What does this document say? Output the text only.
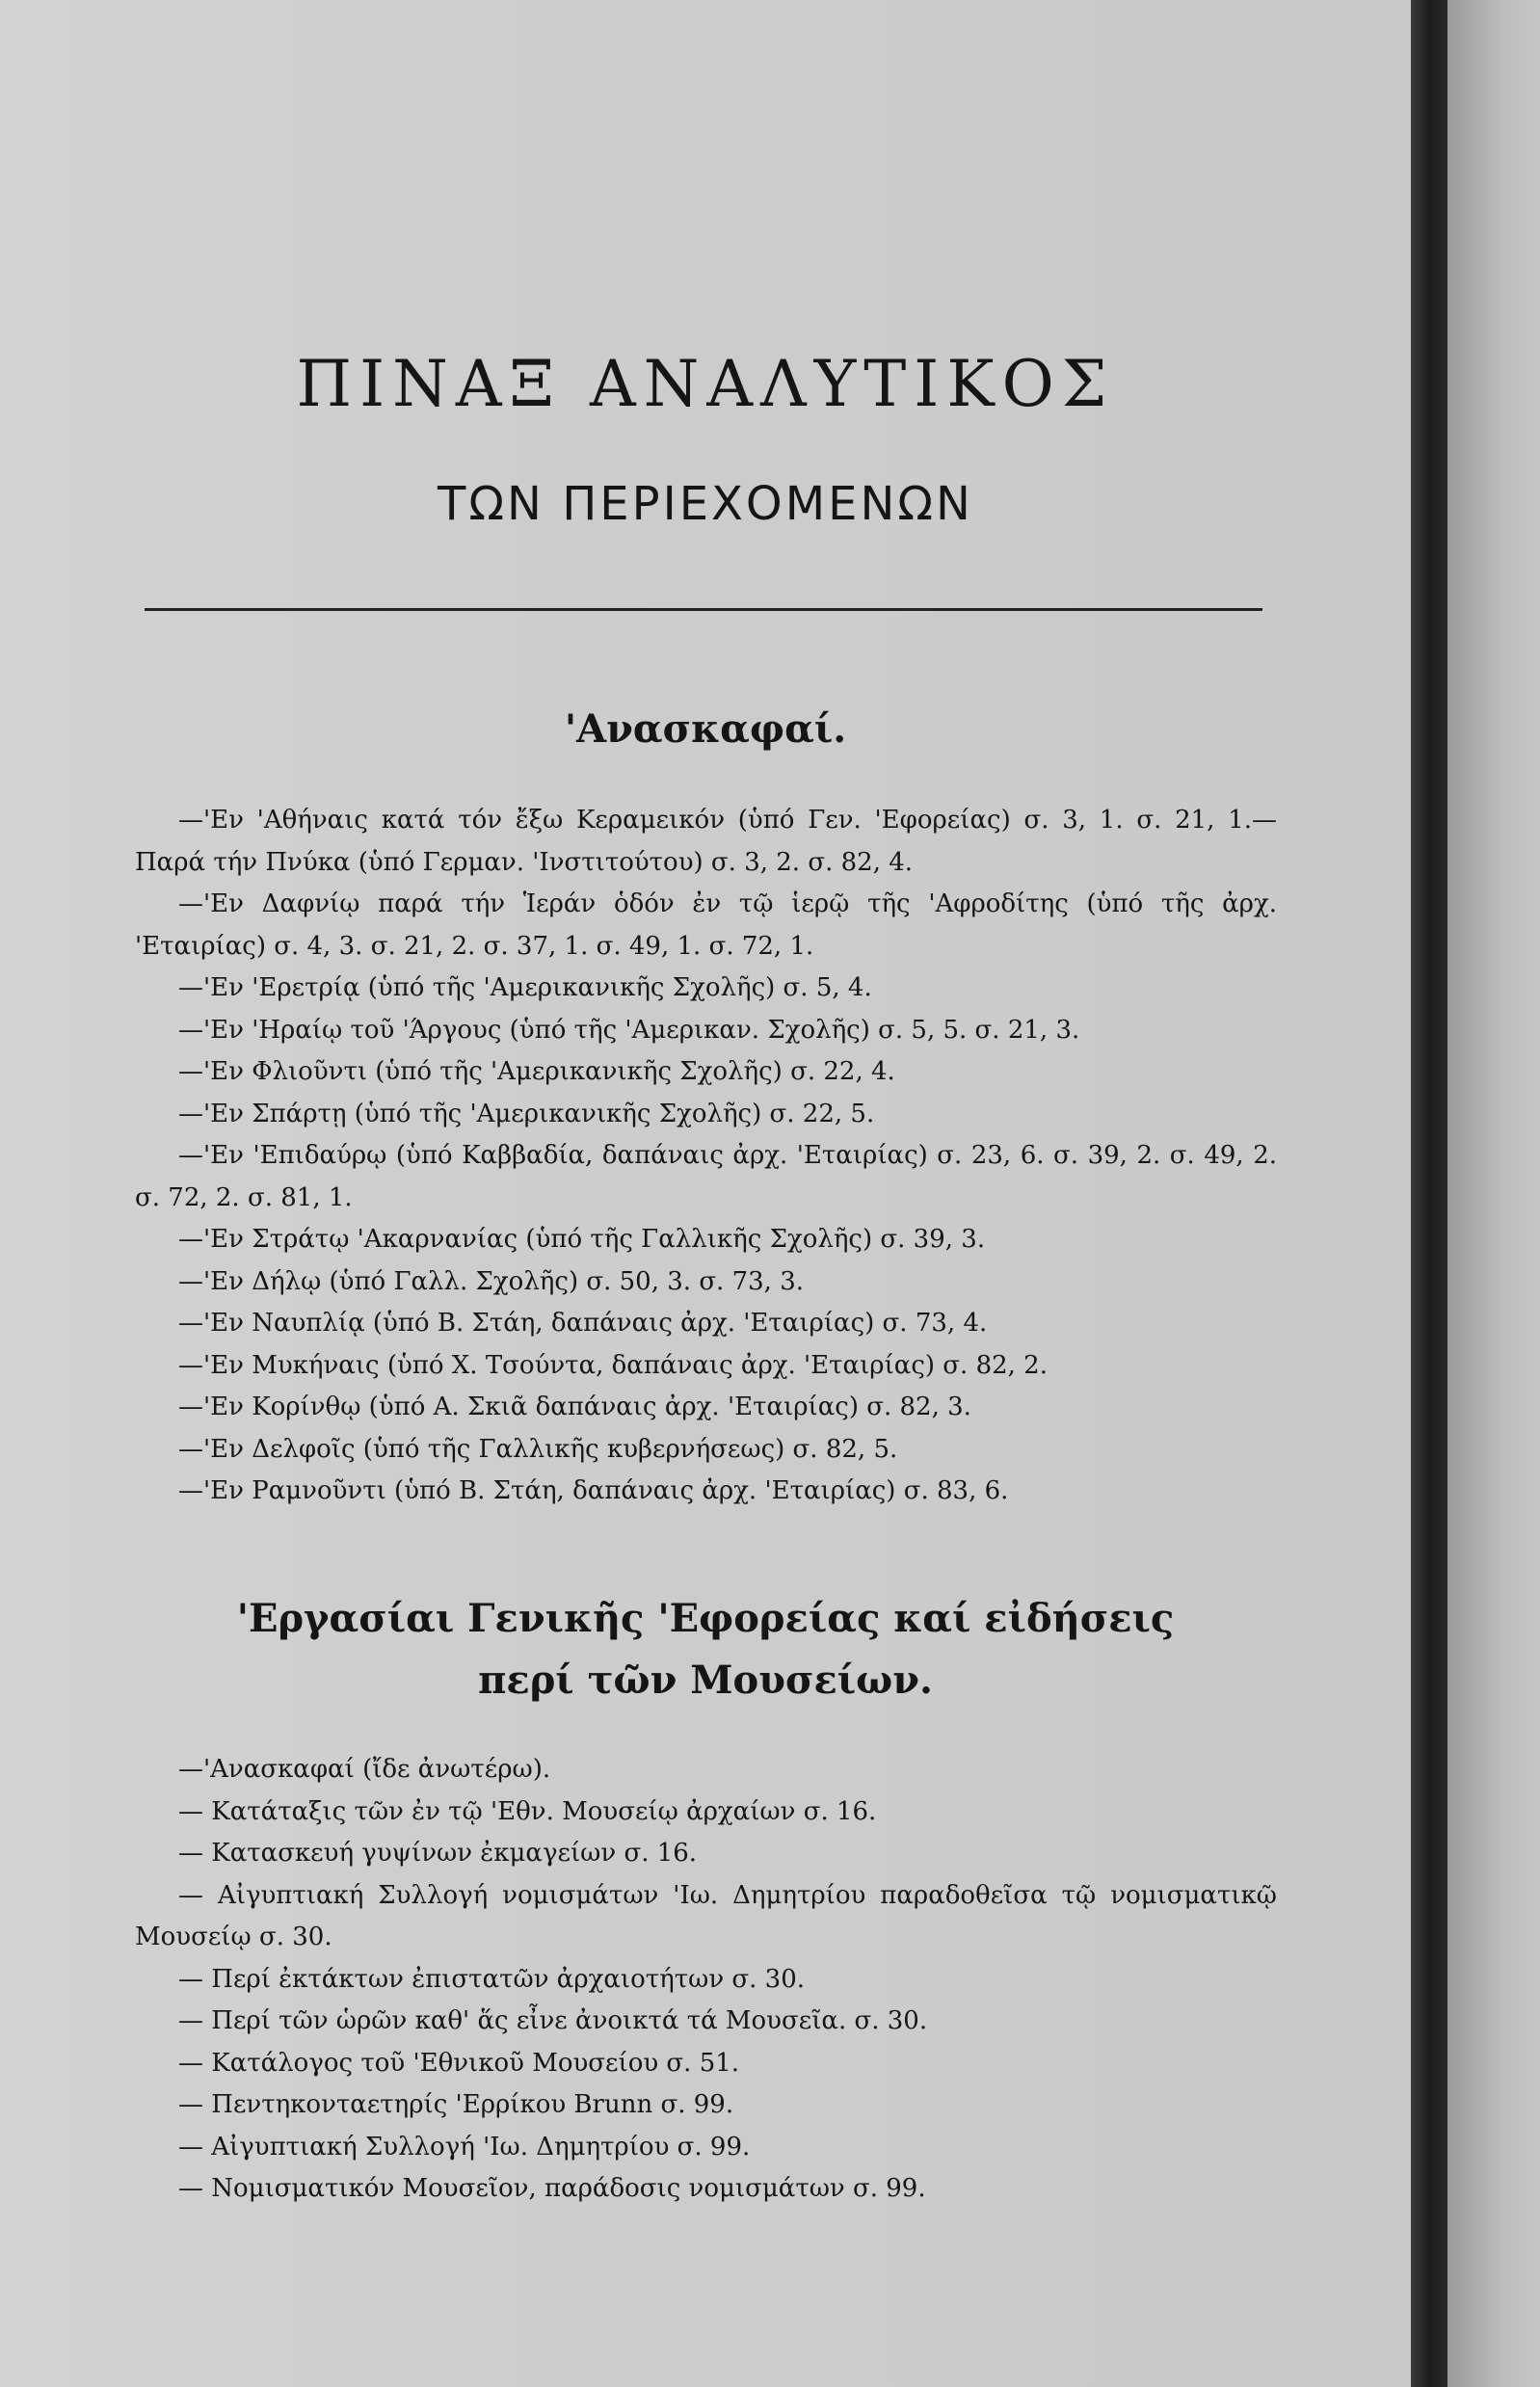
ΠΙΝΑΞ ΑΝΑΛΥΤΙΚΟΣ
ΤΩΝ ΠΕΡΙΕΧΟΜΕΝΩΝ
'Ανασκαφαί.
—'Εν 'Αθήναις κατά τόν ἔξω Κεραμεικόν (ὑπό Γεν. 'Εφορείας) σ. 3, 1. σ. 21, 1.— Παρά τήν Πνύκα (ὑπό Γερμαν. 'Ινστιτούτου) σ. 3, 2. σ. 82, 4.
—'Εν Δαφνίῳ παρά τήν Ἱεράν ὁδόν ἐν τῷ ἱερῷ τῆς 'Αφροδίτης (ὑπό τῆς ἀρχ. 'Εταιρίας) σ. 4, 3. σ. 21, 2. σ. 37, 1. σ. 49, 1. σ. 72, 1.
—'Εν 'Ερετρίᾳ (ὑπό τῆς 'Αμερικανικῆς Σχολῆς) σ. 5, 4.
—'Εν 'Ηραίῳ τοῦ 'Άργους (ὑπό τῆς 'Αμερικαν. Σχολῆς) σ. 5, 5. σ. 21, 3.
—'Εν Φλιοῦντι (ὑπό τῆς 'Αμερικανικῆς Σχολῆς) σ. 22, 4.
—'Εν Σπάρτῃ (ὑπό τῆς 'Αμερικανικῆς Σχολῆς) σ. 22, 5.
—'Εν 'Επιδαύρῳ (ὑπό Καββαδία, δαπάναις ἀρχ. 'Εταιρίας) σ. 23, 6. σ. 39, 2. σ. 49, 2. σ. 72, 2. σ. 81, 1.
—'Εν Στράτῳ 'Ακαρνανίας (ὑπό τῆς Γαλλικῆς Σχολῆς) σ. 39, 3.
—'Εν Δήλῳ (ὑπό Γαλλ. Σχολῆς) σ. 50, 3. σ. 73, 3.
—'Εν Ναυπλίᾳ (ὑπό Β. Στάη, δαπάναις ἀρχ. 'Εταιρίας) σ. 73, 4.
—'Εν Μυκήναις (ὑπό Χ. Τσούντα, δαπάναις ἀρχ. 'Εταιρίας) σ. 82, 2.
—'Εν Κορίνθῳ (ὑπό Α. Σκιᾶ δαπάναις ἀρχ. 'Εταιρίας) σ. 82, 3.
—'Εν Δελφοῖς (ὑπό τῆς Γαλλικῆς κυβερνήσεως) σ. 82, 5.
—'Εν Ραμνοῦντι (ὑπό Β. Στάη, δαπάναις ἀρχ. 'Εταιρίας) σ. 83, 6.
'Εργασίαι Γενικῆς 'Εφορείας καί εἰδήσεις
περί τῶν Μουσείων.
—'Ανασκαφαί (ἴδε ἀνωτέρω).
— Κατάταξις τῶν ἐν τῷ 'Εθν. Μουσείῳ ἀρχαίων σ. 16.
— Κατασκευή γυψίνων ἐκμαγείων σ. 16.
— Αἰγυπτιακή Συλλογή νομισμάτων 'Ιω. Δημητρίου παραδοθεῖσα τῷ νομισματικῷ Μουσείῳ σ. 30.
— Περί ἐκτάκτων ἐπιστατῶν ἀρχαιοτήτων σ. 30.
— Περί τῶν ὡρῶν καθ' ἅς εἶνε ἀνοικτά τά Μουσεῖα. σ. 30.
— Κατάλογος τοῦ 'Εθνικοῦ Μουσείου σ. 51.
— Πεντηκονταετηρίς 'Ερρίκου Brunn σ. 99.
— Αἰγυπτιακή Συλλογή 'Ιω. Δημητρίου σ. 99.
— Νομισματικόν Μουσεῖον, παράδοσις νομισμάτων σ. 99.
